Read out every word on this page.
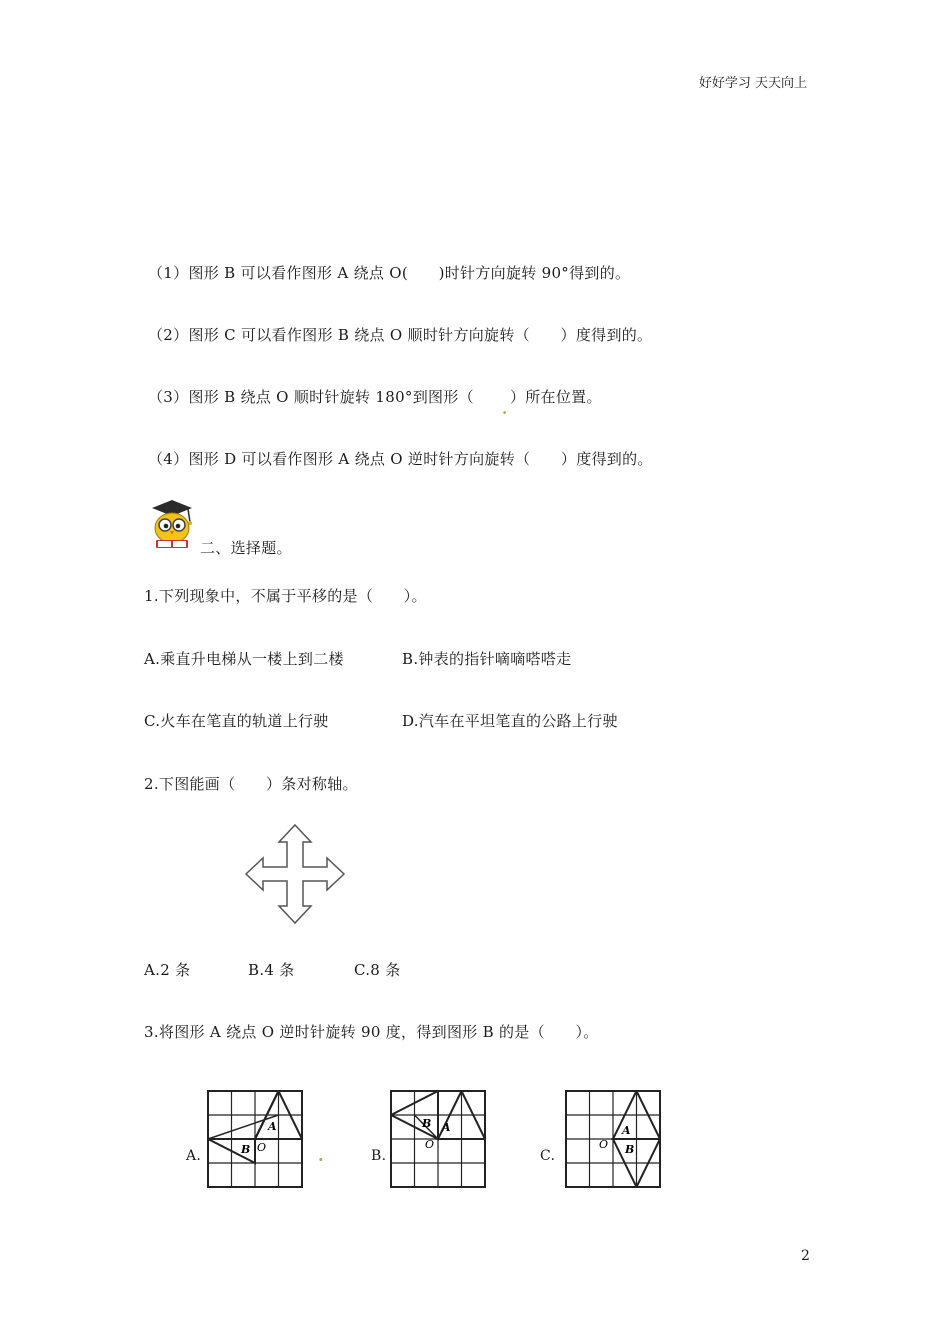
好好学习 天天向上
（1）图形 B 可以看作图形 A 绕点 O(　　)时针方向旋转 90°得到的。
（2）图形 C 可以看作图形 B 绕点 O 顺时针方向旋转（　　）度得到的。
（3）图形 B 绕点 O 顺时针旋转 180°到图形（
.
）所在位置。
（4）图形 D 可以看作图形 A 绕点 O 逆时针方向旋转（　　）度得到的。
二、选择题。
1.下列现象中，不属于平移的是（　　）。
A.乘直升电梯从一楼上到二楼	B.钟表的指针嘀嘀嗒嗒走
C.火车在笔直的轨道上行驶	D.汽车在平坦笔直的公路上行驶
2.下图能画（　　）条对称轴。
A.2 条	B.4 条	C.8 条
3.将图形 A 绕点 O 逆时针旋转 90 度，得到图形 B 的是（　　）。
A.
A
B O	.	B.
A
B
O
C.
A
B
O
2
